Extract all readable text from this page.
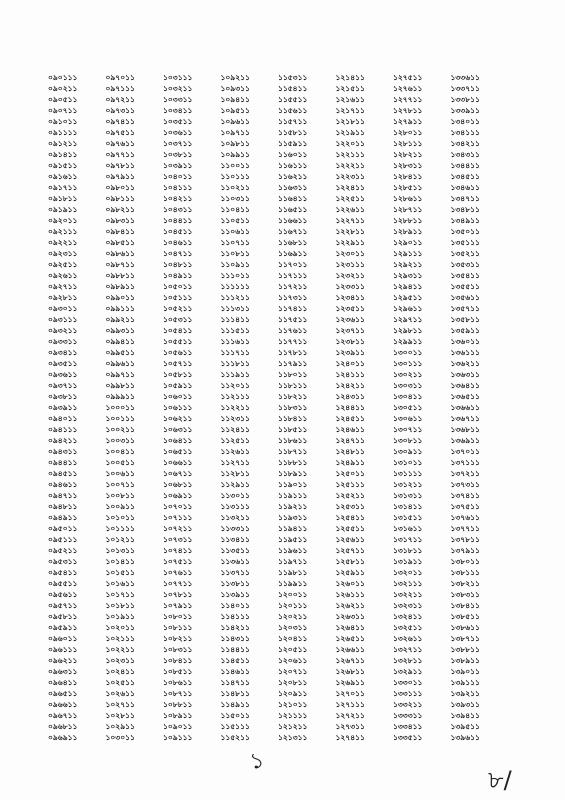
০৯০১১১
০৯০২১১
০৯০৫১১
০৯০৭১১
০৯১০১১
০৯১১১১
০৯১২১১
০৯১৪১১
০৯১৫১১
০৯১৬১১
০৯১৭১১
০৯১৮১১
০৯১৯১১
০৯২০১১
০৯২১১১
০৯২২১১
০৯২৩১১
০৯২৫১১
০৯২৬১১
০৯২৭১১
০৯২৮১১
০৯৩০১১
০৯৩১১১
০৯৩২১১
০৯৩৩১১
০৯৩৪১১
০৯৩৫১১
০৯৩৬১১
০৯৩৭১১
০৯৩৮১১
০৯৩৯১১
০৯৪০১১
০৯৪১১১
০৯৪২১১
০৯৪৩১১
০৯৪৪১১
০৯৪৫১১
০৯৪৬১১
০৯৪৭১১
০৯৪৮১১
০৯৪৯১১
০৯৫০১১
০৯৫১১১
০৯৫২১১
০৯৫৩১১
০৯৫৪১১
০৯৫৫১১
০৯৫৬১১
০৯৫৭১১
০৯৫৮১১
০৯৫৯১১
০৯৬০১১
০৯৬১১১
০৯৬২১১
০৯৬৩১১
০৯৬৪১১
০৯৬৫১১
০৯৬৬১১
০৯৬৭১১
০৯৬৮১১
০৯৬৯১১
০৯৭০১১
০৯৭১১১
০৯৭২১১
০৯৭৩১১
০৯৭৪১১
০৯৭৫১১
০৯৭৬১১
০৯৭৭১১
০৯৭৮১১
০৯৭৯১১
০৯৮০১১
০৯৮১১১
০৯৮২১১
০৯৮৩১১
০৯৮৪১১
০৯৮৫১১
০৯৮৬১১
০৯৮৭১১
০৯৮৮১১
০৯৮৯১১
০৯৯০১১
০৯৯১১১
০৯৯২১১
০৯৯৩১১
০৯৯৪১১
০৯৯৫১১
০৯৯৬১১
০৯৯৭১১
০৯৯৮১১
০৯৯৯১১
১০০০১১
১০০১১১
১০০২১১
১০০৩১১
১০০৪১১
১০০৫১১
১০০৬১১
১০০৭১১
১০০৮১১
১০০৯১১
১০১০১১
১০১১১১
১০১২১১
১০১৩১১
১০১৪১১
১০১৫১১
১০১৬১১
১০১৭১১
১০১৮১১
১০১৯১১
১০২০১১
১০২১১১
১০২২১১
১০২৩১১
১০২৪১১
১০২৫১১
১০২৬১১
১০২৭১১
১০২৮১১
১০২৯১১
১০৩০১১
১০৩১১১
১০৩২১১
১০৩৩১১
১০৩৪১১
১০৩৫১১
১০৩৬১১
১০৩৭১১
১০৩৮১১
১০৩৯১১
১০৪০১১
১০৪১১১
১০৪২১১
১০৪৩১১
১০৪৪১১
১০৪৫১১
১০৪৬১১
১০৪৭১১
১০৪৮১১
১০৪৯১১
১০৫০১১
১০৫১১১
১০৫২১১
১০৫৩১১
১০৫৪১১
১০৫৫১১
১০৫৬১১
১০৫৭১১
১০৫৮১১
১০৫৯১১
১০৬০১১
১০৬১১১
১০৬২১১
১০৬৩১১
১০৬৪১১
১০৬৫১১
১০৬৬১১
১০৬৭১১
১০৬৮১১
১০৬৯১১
১০৭০১১
১০৭১১১
১০৭২১১
১০৭৩১১
১০৭৪১১
১০৭৫১১
১০৭৬১১
১০৭৭১১
১০৭৮১১
১০৭৯১১
১০৮০১১
১০৮১১১
১০৮২১১
১০৮৩১১
১০৮৪১১
১০৮৫১১
১০৮৬১১
১০৮৭১১
১০৮৮১১
১০৮৯১১
১০৯০১১
১০৯১১১
১০৯২১১
১০৯৩১১
১০৯৪১১
১০৯৫১১
১০৯৬১১
১০৯৭১১
১০৯৮১১
১০৯৯১১
১১০০১১
১১০১১১
১১০২১১
১১০৩১১
১১০৪১১
১১০৫১১
১১০৬১১
১১০৭১১
১১০৮১১
১১০৯১১
১১১০১১
১১১১১১
১১১২১১
১১১৩১১
১১১৪১১
১১১৫১১
১১১৬১১
১১১৭১১
১১১৮১১
১১১৯১১
১১২০১১
১১২১১১
১১২২১১
১১২৩১১
১১২৪১১
১১২৫১১
১১২৬১১
১১২৭১১
১১২৮১১
১১২৯১১
১১৩০১১
১১৩১১১
১১৩২১১
১১৩৩১১
১১৩৪১১
১১৩৫১১
১১৩৬১১
১১৩৭১১
১১৩৮১১
১১৩৯১১
১১৪০১১
১১৪১১১
১১৪২১১
১১৪৩১১
১১৪৪১১
১১৪৫১১
১১৪৬১১
১১৪৭১১
১১৪৮১১
১১৪৯১১
১১৫০১১
১১৫১১১
১১৫২১১
১১৫৩১১
১১৫৪১১
১১৫৫১১
১১৫৬১১
১১৫৭১১
১১৫৮১১
১১৫৯১১
১১৬০১১
১১৬১১১
১১৬২১১
১১৬৩১১
১১৬৪১১
১১৬৫১১
১১৬৬১১
১১৬৭১১
১১৬৮১১
১১৬৯১১
১১৭০১১
১১৭১১১
১১৭২১১
১১৭৩১১
১১৭৪১১
১১৭৫১১
১১৭৬১১
১১৭৭১১
১১৭৮১১
১১৭৯১১
১১৮০১১
১১৮১১১
১১৮২১১
১১৮৩১১
১১৮৪১১
১১৮৫১১
১১৮৬১১
১১৮৭১১
১১৮৮১১
১১৮৯১১
১১৯০১১
১১৯১১১
১১৯২১১
১১৯৩১১
১১৯৪১১
১১৯৫১১
১১৯৬১১
১১৯৭১১
১১৯৮১১
১১৯৯১১
১২০০১১
১২০১১১
১২০২১১
১২০৩১১
১২০৪১১
১২০৫১১
১২০৬১১
১২০৭১১
১২০৮১১
১২০৯১১
১২১০১১
১২১১১১
১২১২১১
১২১৩১১
১২১৪১১
১২১৫১১
১২১৬১১
১২১৭১১
১২১৮১১
১২১৯১১
১২২০১১
১২২১১১
১২২২১১
১২২৩১১
১২২৪১১
১২২৫১১
১২২৬১১
১২২৭১১
১২২৮১১
১২২৯১১
১২৩০১১
১২৩১১১
১২৩২১১
১২৩৩১১
১২৩৪১১
১২৩৫১১
১২৩৬১১
১২৩৭১১
১২৩৮১১
১২৩৯১১
১২৪০১১
১২৪১১১
১২৪২১১
১২৪৩১১
১২৪৪১১
১২৪৫১১
১২৪৬১১
১২৪৭১১
১২৪৮১১
১২৪৯১১
১২৫০১১
১২৫১১১
১২৫২১১
১২৫৩১১
১২৫৪১১
১২৫৫১১
১২৫৬১১
১২৫৭১১
১২৫৮১১
১২৫৯১১
১২৬০১১
১২৬১১১
১২৬২১১
১২৬৩১১
১২৬৪১১
১২৬৫১১
১২৬৬১১
১২৬৭১১
১২৬৮১১
১২৬৯১১
১২৭০১১
১২৭১১১
১২৭২১১
১২৭৩১১
১২৭৪১১
১২৭৫১১
১২৭৬১১
১২৭৭১১
১২৭৮১১
১২৭৯১১
১২৮০১১
১২৮১১১
১২৮২১১
১২৮৩১১
১২৮৪১১
১২৮৫১১
১২৮৬১১
১২৮৭১১
১২৮৮১১
১২৮৯১১
১২৯০১১
১২৯১১১
১২৯২১১
১২৯৩১১
১২৯৪১১
১২৯৫১১
১২৯৬১১
১২৯৭১১
১২৯৮১১
১২৯৯১১
১৩০০১১
১৩০১১১
১৩০২১১
১৩০৩১১
১৩০৪১১
১৩০৫১১
১৩০৬১১
১৩০৭১১
১৩০৮১১
১৩০৯১১
১৩১০১১
১৩১১১১
১৩১২১১
১৩১৩১১
১৩১৪১১
১৩১৫১১
১৩১৬১১
১৩১৭১১
১৩১৮১১
১৩১৯১১
১৩২০১১
১৩২১১১
১৩২২১১
১৩২৩১১
১৩২৪১১
১৩২৫১১
১৩২৬১১
১৩২৭১১
১৩২৮১১
১৩২৯১১
১৩৩০১১
১৩৩১১১
১৩৩২১১
১৩৩৩১১
১৩৩৪১১
১৩৩৫১১
১৩৩৬১১
১৩৩৭১১
১৩৩৮১১
১৩৩৯১১
১৩৪০১১
১৩৪১১১
১৩৪২১১
১৩৪৩১১
১৩৪৪১১
১৩৪৫১১
১৩৪৬১১
১৩৪৭১১
১৩৪৮১১
১৩৪৯১১
১৩৫০১১
১৩৫১১১
১৩৫২১১
১৩৫৩১১
১৩৫৪১১
১৩৫৫১১
১৩৫৬১১
১৩৫৭১১
১৩৫৮১১
১৩৫৯১১
১৩৬০১১
১৩৬১১১
১৩৬২১১
১৩৬৩১১
১৩৬৪১১
১৩৬৫১১
১৩৬৬১১
১৩৬৭১১
১৩৬৮১১
১৩৬৯১১
১৩৭০১১
১৩৭১১১
১৩৭২১১
১৩৭৩১১
১৩৭৪১১
১৩৭৫১১
১৩৭৬১১
১৩৭৭১১
১৩৭৮১১
১৩৭৯১১
১৩৮০১১
১৩৮১১১
১৩৮২১১
১৩৮৩১১
১৩৮৪১১
১৩৮৫১১
১৩৮৬১১
১৩৮৭১১
১৩৮৮১১
১৩৮৯১১
১৩৯০১১
১৩৯১১১
১৩৯২১১
১৩৯৩১১
১৩৯৪১১
১৩৯৫১১
১৩৯৬১১
১
৮/
